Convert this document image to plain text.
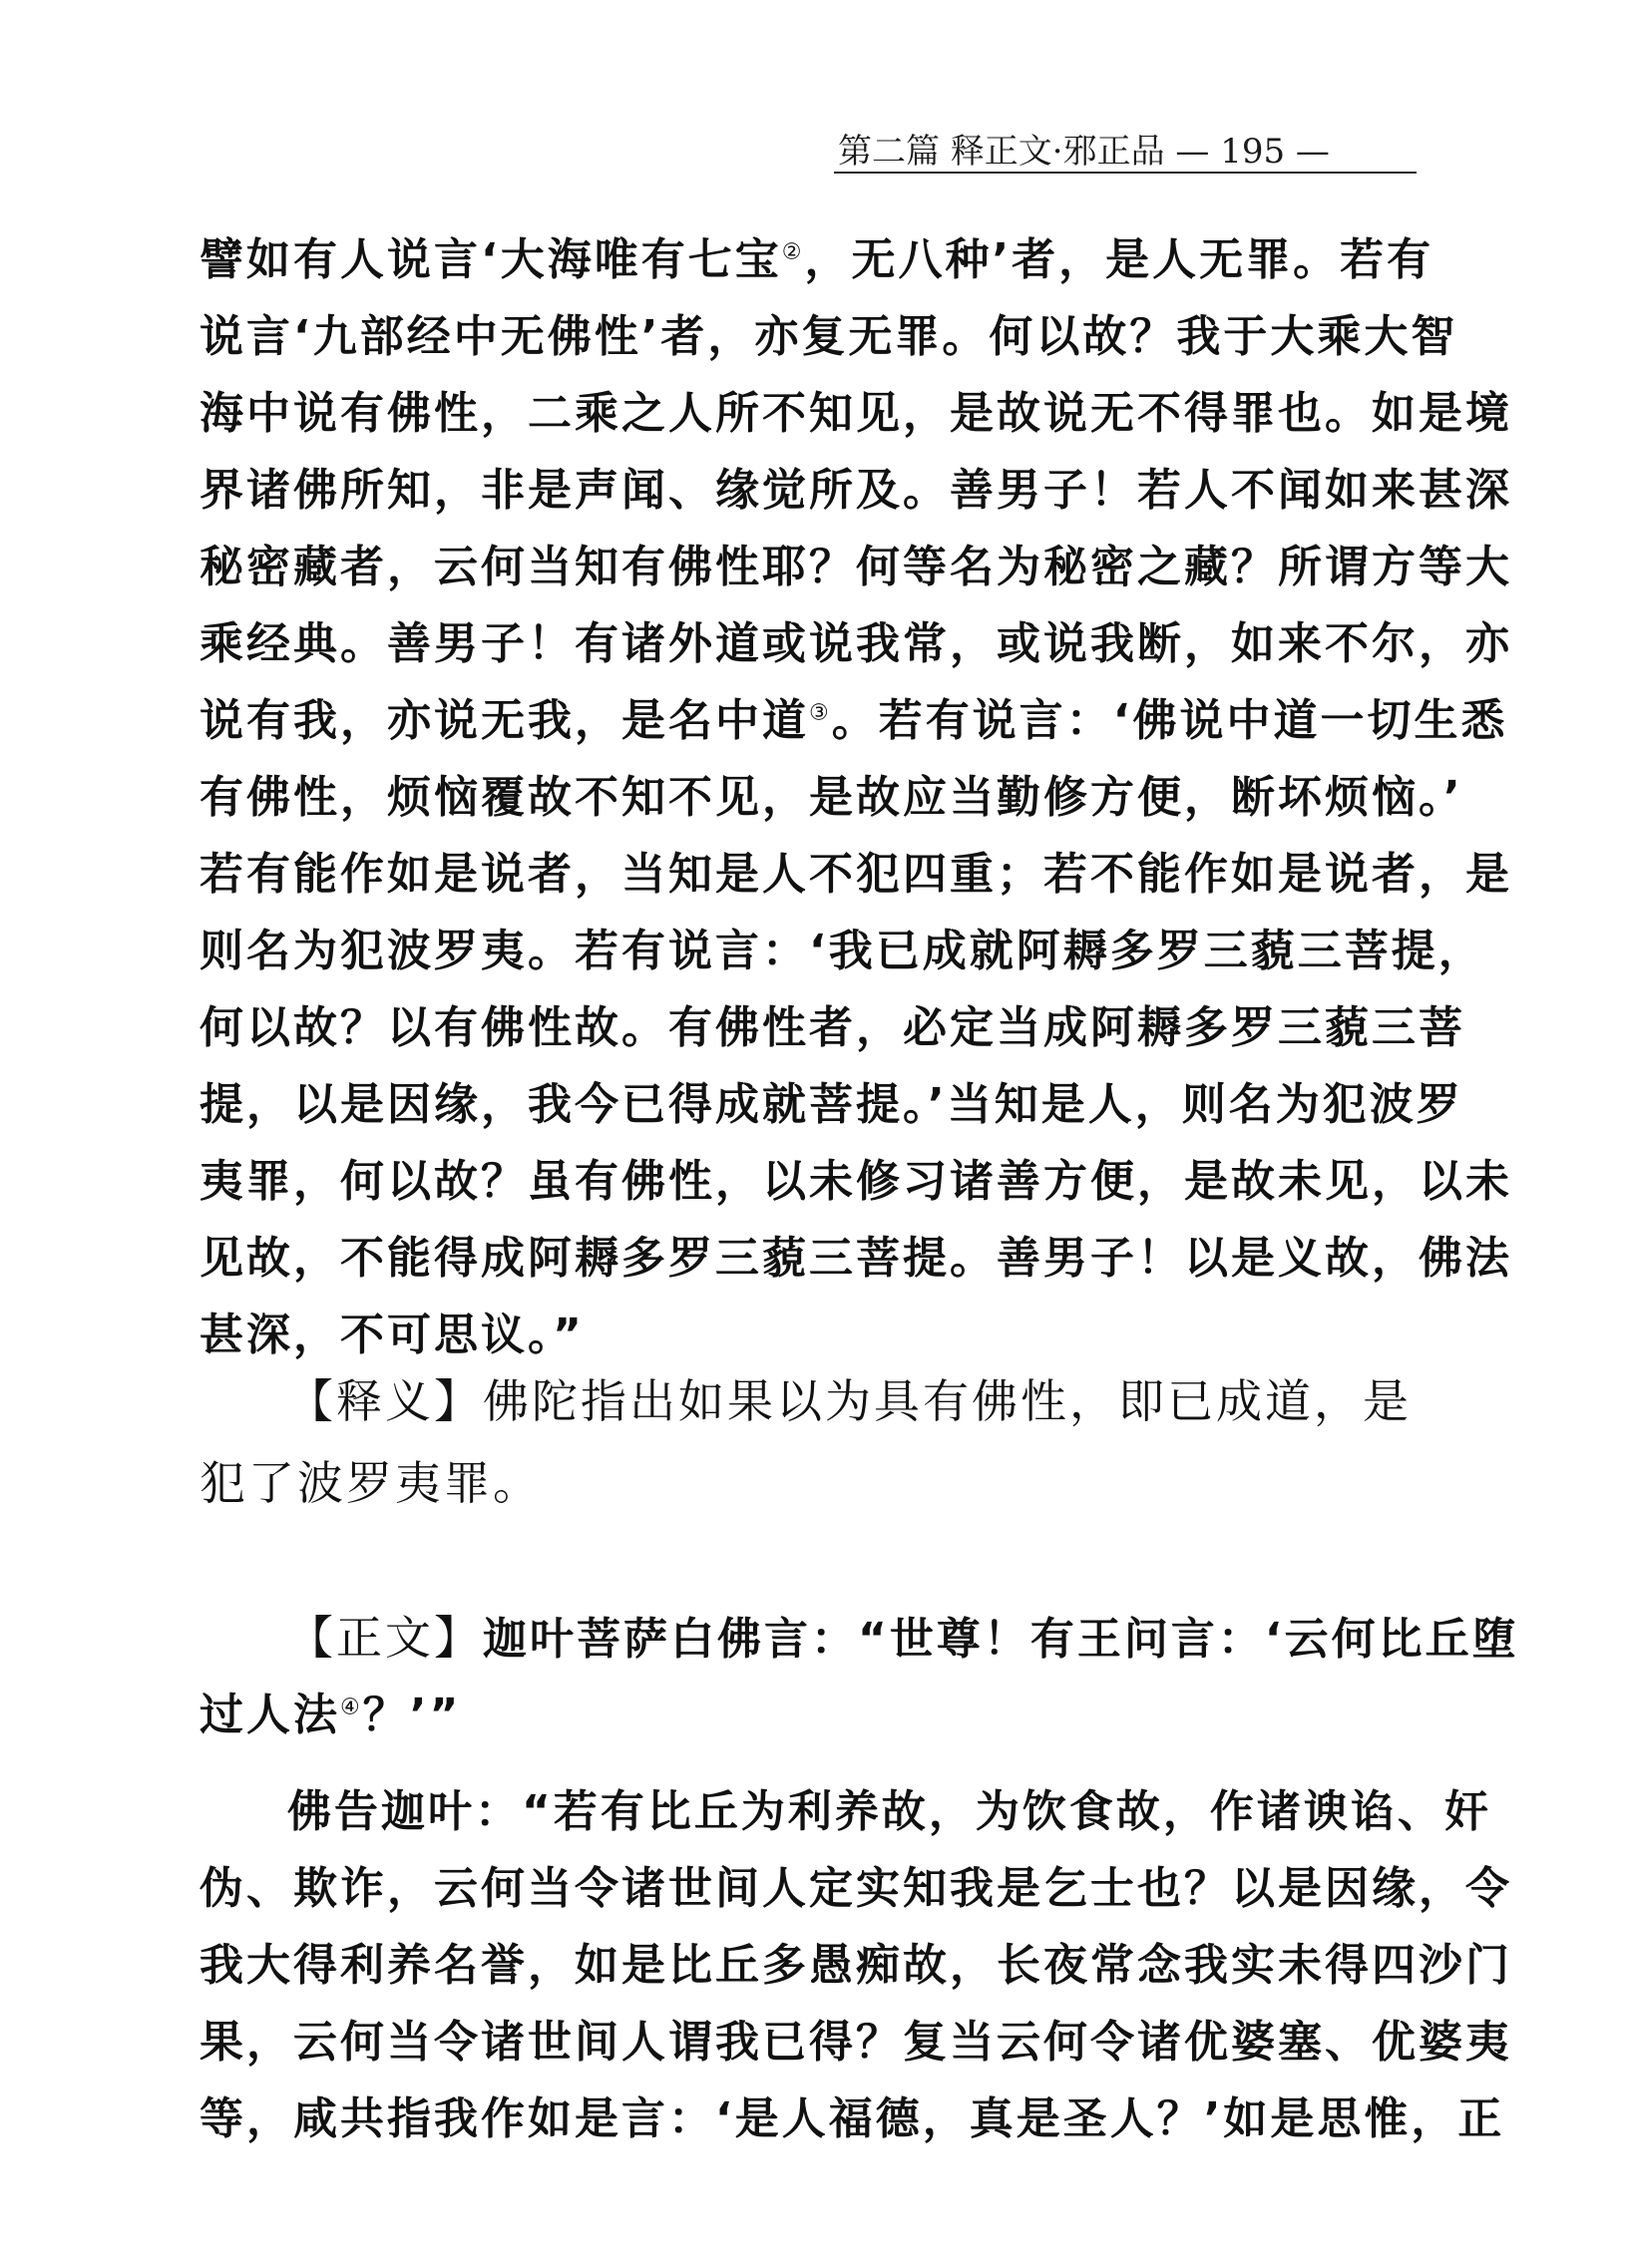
第二篇 释正文·邪正品 — 195 —
譬如有人说言‘大海唯有七宝②，无八种’者，是人无罪。若有
说言‘九部经中无佛性’者，亦复无罪。何以故？我于大乘大智
海中说有佛性，二乘之人所不知见，是故说无不得罪也。如是境
界诸佛所知，非是声闻、缘觉所及。善男子！若人不闻如来甚深
秘密藏者，云何当知有佛性耶？何等名为秘密之藏？所谓方等大
乘经典。善男子！有诸外道或说我常，或说我断，如来不尔，亦
说有我，亦说无我，是名中道③。若有说言：‘佛说中道一切生悉
有佛性，烦恼覆故不知不见，是故应当勤修方便，断坏烦恼。’
若有能作如是说者，当知是人不犯四重；若不能作如是说者，是
则名为犯波罗夷。若有说言：‘我已成就阿耨多罗三藐三菩提，
何以故？以有佛性故。有佛性者，必定当成阿耨多罗三藐三菩
提，以是因缘，我今已得成就菩提。’当知是人，则名为犯波罗
夷罪，何以故？虽有佛性，以未修习诸善方便，是故未见，以未
见故，不能得成阿耨多罗三藐三菩提。善男子！以是义故，佛法
甚深，不可思议。”
【释义】佛陀指出如果以为具有佛性，即已成道，是
犯了波罗夷罪。
【正文】迦叶菩萨白佛言：“世尊！有王问言：‘云何比丘堕
过人法④？’”
佛告迦叶：“若有比丘为利养故，为饮食故，作诸谀谄、奸
伪、欺诈，云何当令诸世间人定实知我是乞士也？以是因缘，令
我大得利养名誉，如是比丘多愚痴故，长夜常念我实未得四沙门
果，云何当令诸世间人谓我已得？复当云何令诸优婆塞、优婆夷
等，咸共指我作如是言：‘是人福德，真是圣人？’如是思惟，正
